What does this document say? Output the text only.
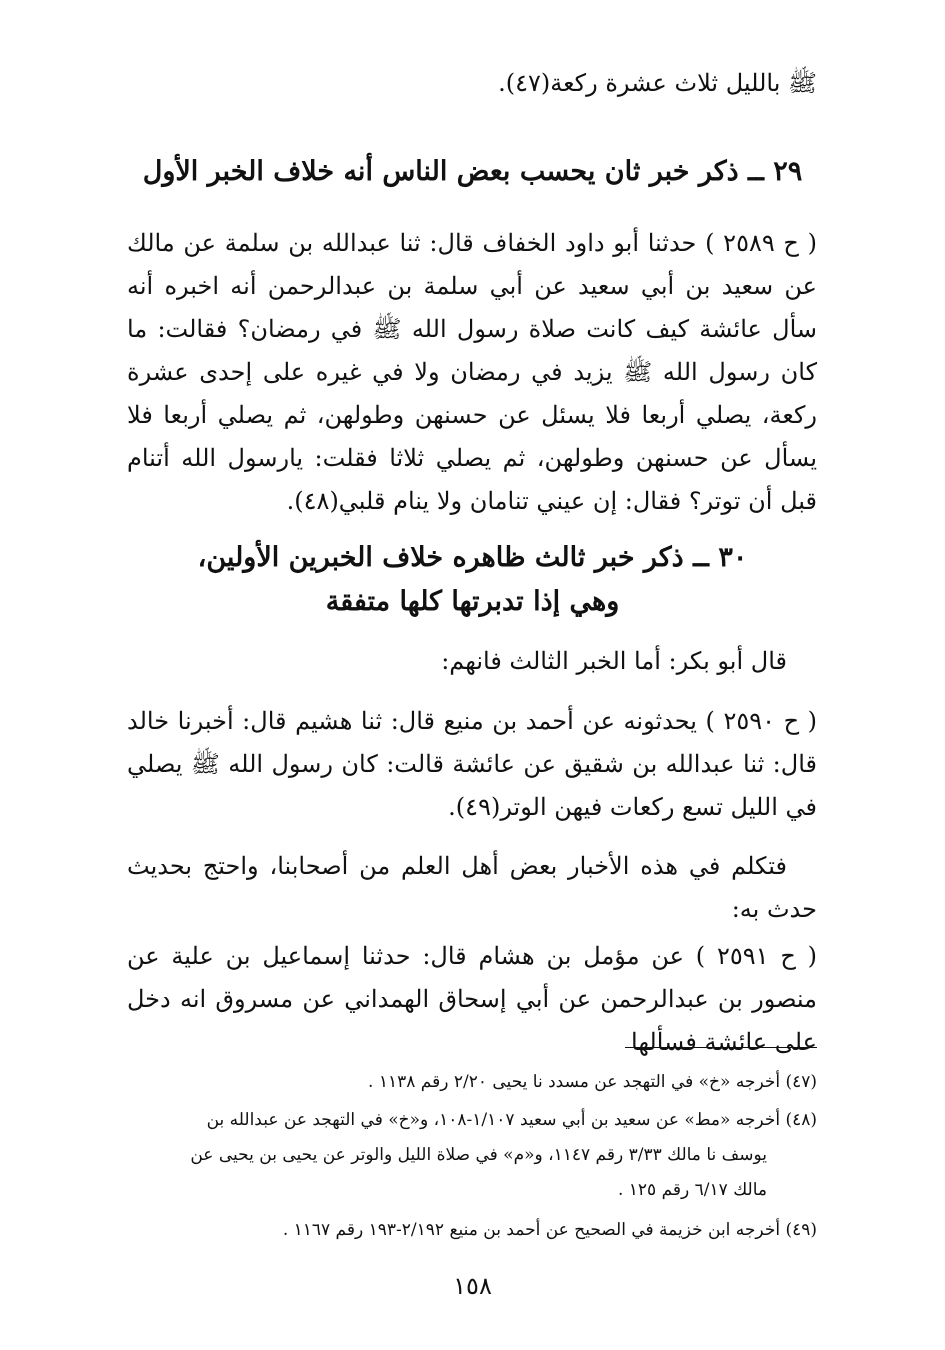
ﷺ بالليل ثلاث عشرة ركعة(٤٧).

٢٩ ــ ذكر خبر ثان يحسب بعض الناس أنه خلاف الخبر الأول

( ح ٢٥٨٩ ) حدثنا أبو داود الخفاف قال: ثنا عبدالله بن سلمة عن مالك عن سعيد بن أبي سعيد عن أبي سلمة بن عبدالرحمن أنه اخبره أنه سأل عائشة كيف كانت صلاة رسول الله ﷺ في رمضان؟ فقالت: ما كان رسول الله ﷺ يزيد في رمضان ولا في غيره على إحدى عشرة ركعة، يصلي أربعا فلا يسئل عن حسنهن وطولهن، ثم يصلي أربعا فلا يسأل عن حسنهن وطولهن، ثم يصلي ثلاثا فقلت: يارسول الله أتنام قبل أن توتر؟ فقال: إن عيني تنامان ولا ينام قلبي(٤٨).

٣٠ ــ ذكر خبر ثالث ظاهره خلاف الخبرين الأولين،
وهي إذا تدبرتها كلها متفقة

قال أبو بكر: أما الخبر الثالث فانهم:

( ح ٢٥٩٠ ) يحدثونه عن أحمد بن منيع قال: ثنا هشيم قال: أخبرنا خالد قال: ثنا عبدالله بن شقيق عن عائشة قالت: كان رسول الله ﷺ يصلي في الليل تسع ركعات فيهن الوتر(٤٩).

فتكلم في هذه الأخبار بعض أهل العلم من أصحابنا، واحتج بحديث حدث به:

( ح ٢٥٩١ ) عن مؤمل بن هشام قال: حدثنا إسماعيل بن علية عن منصور بن عبدالرحمن عن أبي إسحاق الهمداني عن مسروق انه دخل على عائشة فسألها

(٤٧) أخرجه «خ» في التهجد عن مسدد نا يحيى ٢/٢٠ رقم ١١٣٨ .

(٤٨) أخرجه «مط» عن سعيد بن أبي سعيد ١/١٠٧-١٠٨، و«خ» في التهجد عن عبدالله بن

يوسف نا مالك ٣/٣٣ رقم ١١٤٧، و«م» في صلاة الليل والوتر عن يحيى بن يحيى عن

مالك ٦/١٧ رقم ١٢٥ .

(٤٩) أخرجه ابن خزيمة في الصحيح عن أحمد بن منيع ٢/١٩٢-١٩٣ رقم ١١٦٧ .

١٥٨
